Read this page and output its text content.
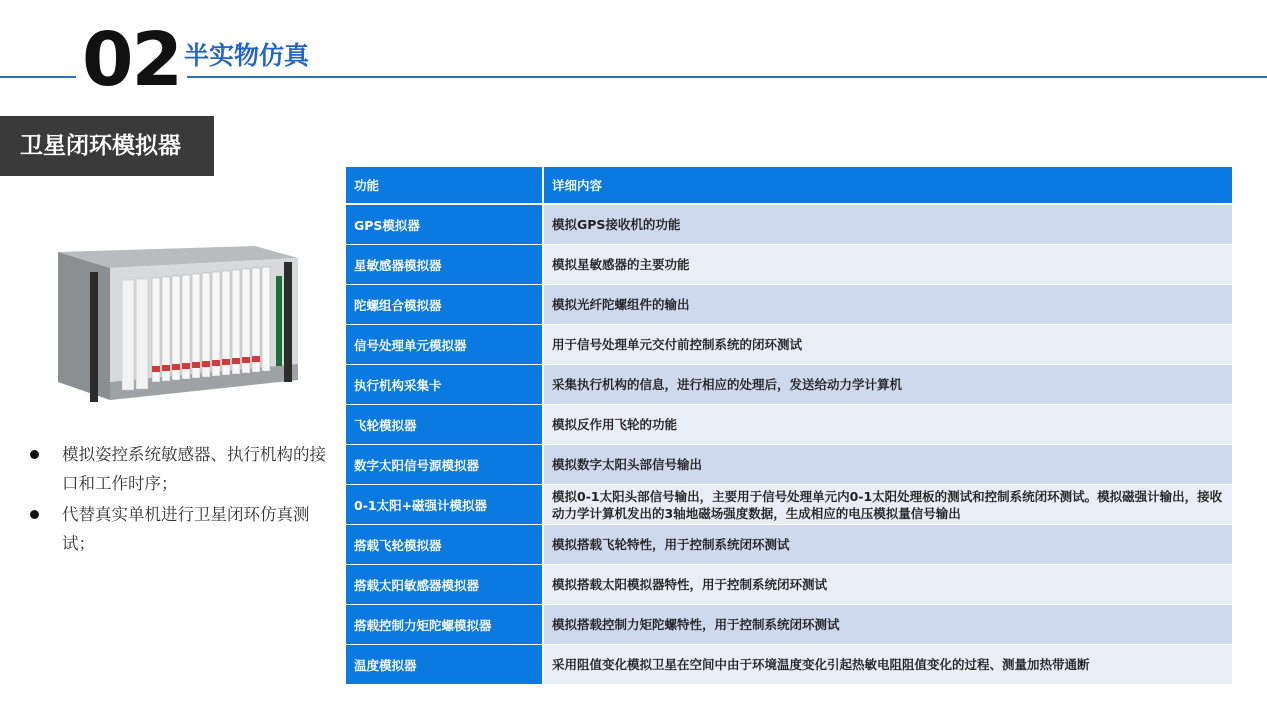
02 半实物仿真
卫星闭环模拟器
模拟姿控系统敏感器、执行机构的接口和工作时序；
代替真实单机进行卫星闭环仿真测试；
功能	详细内容
GPS模拟器	模拟GPS接收机的功能
星敏感器模拟器	模拟星敏感器的主要功能
陀螺组合模拟器	模拟光纤陀螺组件的输出
信号处理单元模拟器	用于信号处理单元交付前控制系统的闭环测试
执行机构采集卡	采集执行机构的信息，进行相应的处理后，发送给动力学计算机
飞轮模拟器	模拟反作用飞轮的功能
数字太阳信号源模拟器	模拟数字太阳头部信号输出
0-1太阳+磁强计模拟器	模拟0-1太阳头部信号输出，主要用于信号处理单元内0-1太阳处理板的测试和控制系统闭环测试。模拟磁强计输出，接收动力学计算机发出的3轴地磁场强度数据，生成相应的电压模拟量信号输出
搭载飞轮模拟器	模拟搭载飞轮特性，用于控制系统闭环测试
搭载太阳敏感器模拟器	模拟搭载太阳模拟器特性，用于控制系统闭环测试
搭载控制力矩陀螺模拟器	模拟搭载控制力矩陀螺特性，用于控制系统闭环测试
温度模拟器	采用阻值变化模拟卫星在空间中由于环境温度变化引起热敏电阻阻值变化的过程、测量加热带通断
